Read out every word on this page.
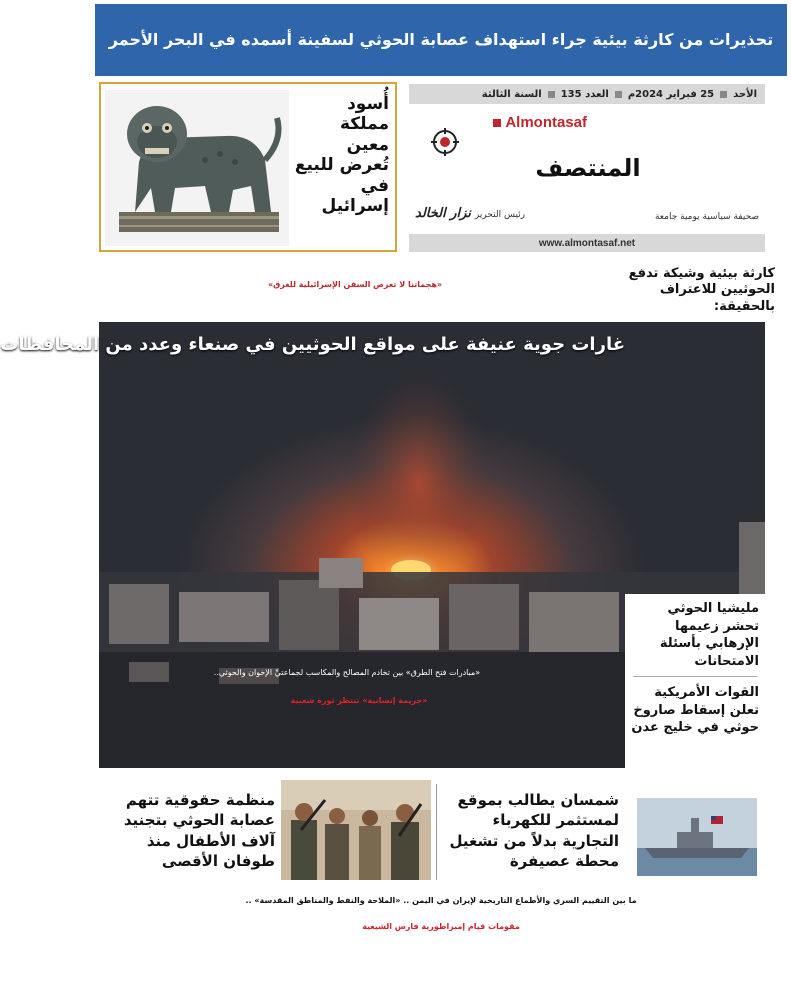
تحذيرات من كارثة بيئية جراء استهداف عصابة الحوثي لسفينة أسمده في البحر الأحمر
أُسود مملكة معين تُعرض للبيع في إسرائيل
الأحد
25 فبراير 2024م
العدد 135
السنة الثالثة
Almontasaf
المنتصف
صحيفة سياسية يومية جامعة
رئيس التحرير
نزار الخالد
www.almontasaf.net
كارثة بيئية وشيكة تدفع الحوثيين للاعتراف بالحقيقة:
«هجماتنا لا تعرض السفن الإسرائيلية للغرق»
غارات جوية عنيفة على مواقع الحوثيين في صنعاء وعدد من المحافظات
«مبادرات فتح الطرق» بين تخادم المصالح والمكاسب لجماعتيِّ الإخوان والحوثي..
«جريمة إنسانية» تنتظر ثورة شعبية
مليشيا الحوثي تحشر زعيمها الإرهابي بأسئلة الامتحانات
القوات الأمريكية تعلن إسقاط صاروخ حوثي في خليج عدن
شمسان يطالب بموقع لمستثمر للكهرباء التجارية بدلاً من تشغيل محطة عصيفرة
منظمة حقوقية تتهم عصابة الحوثي بتجنيد آلاف الأطفال منذ طوفان الأقصى
ما بين التقييم السري والأطماع التاريخية لإيران في اليمن .. «الملاحة والنفط والمناطق المقدسة» ..
مقومات قيام إمبراطورية فارس الشيعية
